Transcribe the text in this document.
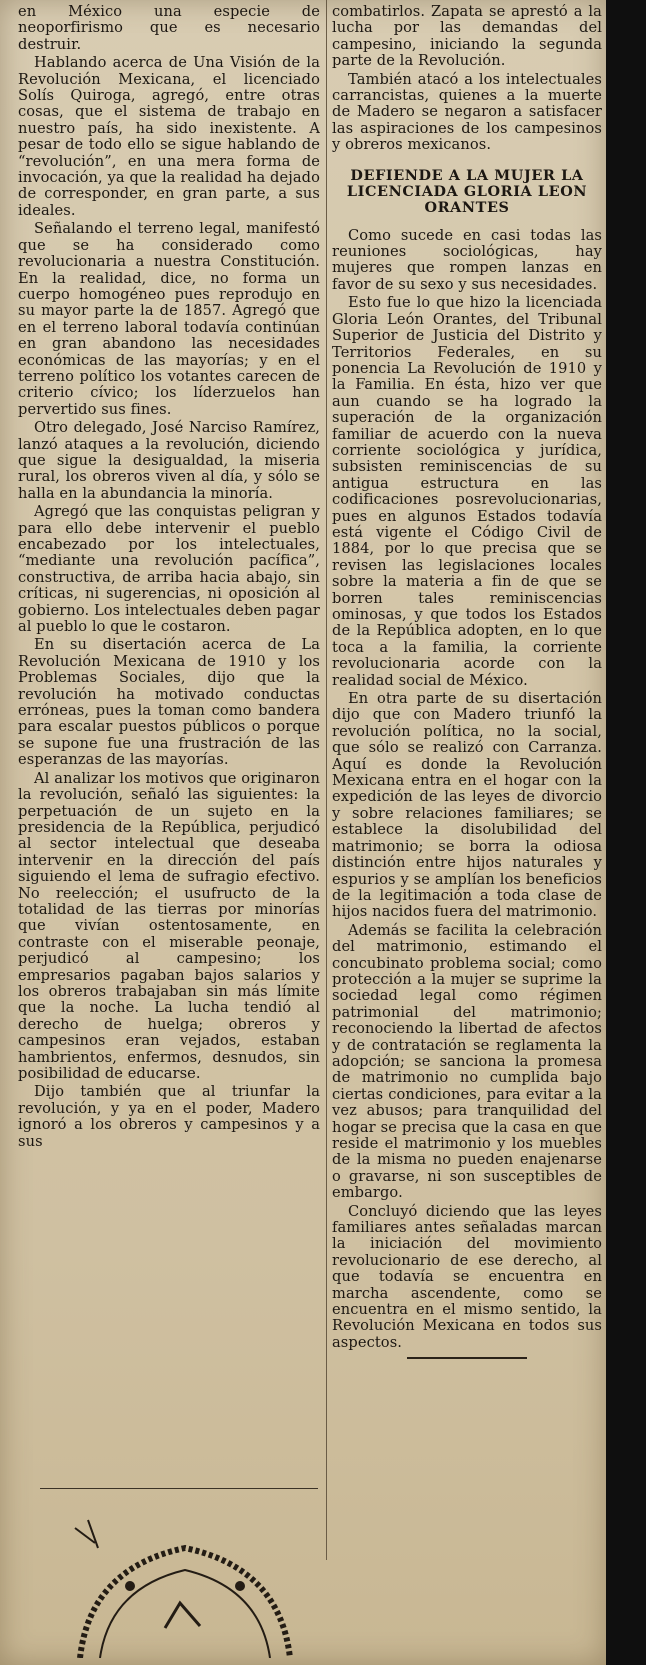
en México una especie de neoporfirismo que es necesario destruir.

Hablando acerca de Una Visión de la Revolución Mexicana, el licenciado Solís Quiroga, agregó, entre otras cosas, que el sistema de trabajo en nuestro país, ha sido inexistente. A pesar de todo ello se sigue hablando de “revolución”, en una mera forma de invocación, ya que la realidad ha dejado de corresponder, en gran parte, a sus ideales.

Señalando el terreno legal, manifestó que se ha considerado como revolucionaria a nuestra Constitución. En la realidad, dice, no forma un cuerpo homogéneo pues reprodujo en su mayor parte la de 1857. Agregó que en el terreno laboral todavía continúan en gran abandono las necesidades económicas de las mayorías; y en el terreno político los votantes carecen de criterio cívico; los líderzuelos han pervertido sus fines.

Otro delegado, José Narciso Ramírez, lanzó ataques a la revolución, diciendo que sigue la desigualdad, la miseria rural, los obreros viven al día, y sólo se halla en la abundancia la minoría.

Agregó que las conquistas peligran y para ello debe intervenir el pueblo encabezado por los intelectuales, “mediante una revolución pacífica”, constructiva, de arriba hacia abajo, sin críticas, ni sugerencias, ni oposición al gobierno. Los intelectuales deben pagar al pueblo lo que le costaron.

En su disertación acerca de La Revolución Mexicana de 1910 y los Problemas Sociales, dijo que la revolución ha motivado conductas erróneas, pues la toman como bandera para escalar puestos públicos o porque se supone fue una frustración de las esperanzas de las mayorías.

Al analizar los motivos que originaron la revolución, señaló las siguientes: la perpetuación de un sujeto en la presidencia de la República, perjudicó al sector intelectual que deseaba intervenir en la dirección del país siguiendo el lema de sufragio efectivo. No reelección; el usufructo de la totalidad de las tierras por minorías que vivían ostentosamente, en contraste con el miserable peonaje, perjudicó al campesino; los empresarios pagaban bajos salarios y los obreros trabajaban sin más límite que la noche. La lucha tendió al derecho de huelga; obreros y campesinos eran vejados, estaban hambrientos, enfermos, desnudos, sin posibilidad de educarse.

Dijo también que al triunfar la revolución, y ya en el poder, Madero ignoró a los obreros y campesinos y a sus

combatirlos. Zapata se aprestó a la lucha por las demandas del campesino, iniciando la segunda parte de la Revolución.

También atacó a los intelectuales carrancistas, quienes a la muerte de Madero se negaron a satisfacer las aspiraciones de los campesinos y obreros mexicanos.

DEFIENDE A LA MUJER LA LICENCIADA GLORIA LEON ORANTES

Como sucede en casi todas las reuniones sociológicas, hay mujeres que rompen lanzas en favor de su sexo y sus necesidades.

Esto fue lo que hizo la licenciada Gloria León Orantes, del Tribunal Superior de Justicia del Distrito y Territorios Federales, en su ponencia La Revolución de 1910 y la Familia. En ésta, hizo ver que aun cuando se ha logrado la superación de la organización familiar de acuerdo con la nueva corriente sociológica y jurídica, subsisten reminiscencias de su antigua estructura en las codificaciones posrevolucionarias, pues en algunos Estados todavía está vigente el Código Civil de 1884, por lo que precisa que se revisen las legislaciones locales sobre la materia a fin de que se borren tales reminiscencias ominosas, y que todos los Estados de la República adopten, en lo que toca a la familia, la corriente revolucionaria acorde con la realidad social de México.

En otra parte de su disertación dijo que con Madero triunfó la revolución política, no la social, que sólo se realizó con Carranza. Aquí es donde la Revolución Mexicana entra en el hogar con la expedición de las leyes de divorcio y sobre relaciones familiares; se establece la disolubilidad del matrimonio; se borra la odiosa distinción entre hijos naturales y espurios y se amplían los beneficios de la legitimación a toda clase de hijos nacidos fuera del matrimonio.

Además se facilita la celebración del matrimonio, estimando el concubinato problema social; como protección a la mujer se suprime la sociedad legal como régimen patrimonial del matrimonio; reconociendo la libertad de afectos y de contratación se reglamenta la adopción; se sanciona la promesa de matrimonio no cumplida bajo ciertas condiciones, para evitar a la vez abusos; para tranquilidad del hogar se precisa que la casa en que reside el matrimonio y los muebles de la misma no pueden enajenarse o gravarse, ni son susceptibles de embargo.

Concluyó diciendo que las leyes familiares antes señaladas marcan la iniciación del movimiento revolucionario de ese derecho, al que todavía se encuentra en marcha ascendente, como se encuentra en el mismo sentido, la Revolución Mexicana en todos sus aspectos.
